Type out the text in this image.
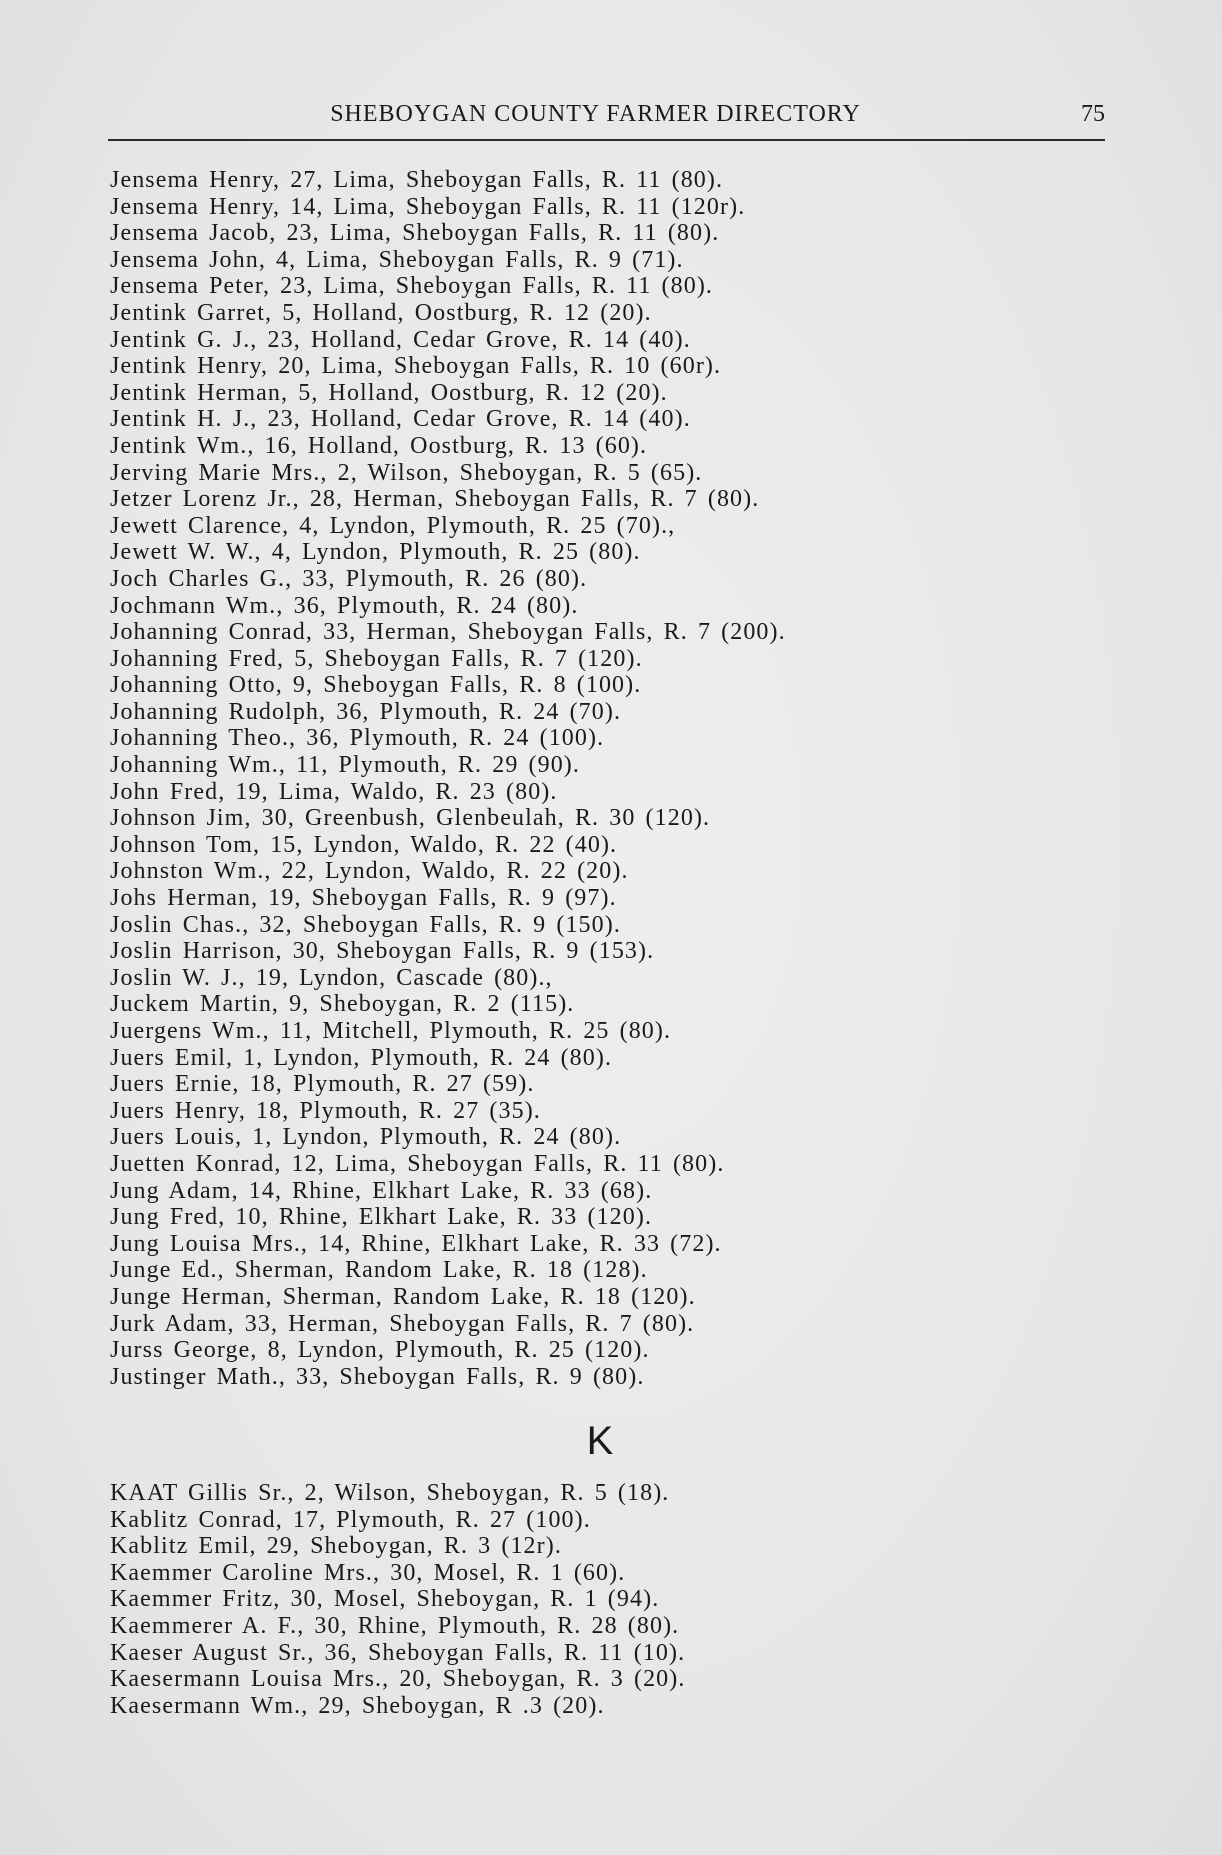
SHEBOYGAN COUNTY FARMER DIRECTORY	75
Jensema Henry, 27, Lima, Sheboygan Falls, R. 11 (80).
Jensema Henry, 14, Lima, Sheboygan Falls, R. 11 (120r).
Jensema Jacob, 23, Lima, Sheboygan Falls, R. 11 (80).
Jensema John, 4, Lima, Sheboygan Falls, R. 9 (71).
Jensema Peter, 23, Lima, Sheboygan Falls, R. 11 (80).
Jentink Garret, 5, Holland, Oostburg, R. 12 (20).
Jentink G. J., 23, Holland, Cedar Grove, R. 14 (40).
Jentink Henry, 20, Lima, Sheboygan Falls, R. 10 (60r).
Jentink Herman, 5, Holland, Oostburg, R. 12 (20).
Jentink H. J., 23, Holland, Cedar Grove, R. 14 (40).
Jentink Wm., 16, Holland, Oostburg, R. 13 (60).
Jerving Marie Mrs., 2, Wilson, Sheboygan, R. 5 (65).
Jetzer Lorenz Jr., 28, Herman, Sheboygan Falls, R. 7 (80).
Jewett Clarence, 4, Lyndon, Plymouth, R. 25 (70).,
Jewett W. W., 4, Lyndon, Plymouth, R. 25 (80).
Joch Charles G., 33, Plymouth, R. 26 (80).
Jochmann Wm., 36, Plymouth, R. 24 (80).
Johanning Conrad, 33, Herman, Sheboygan Falls, R. 7 (200).
Johanning Fred, 5, Sheboygan Falls, R. 7 (120).
Johanning Otto, 9, Sheboygan Falls, R. 8 (100).
Johanning Rudolph, 36, Plymouth, R. 24 (70).
Johanning Theo., 36, Plymouth, R. 24 (100).
Johanning Wm., 11, Plymouth, R. 29 (90).
John Fred, 19, Lima, Waldo, R. 23 (80).
Johnson Jim, 30, Greenbush, Glenbeulah, R. 30 (120).
Johnson Tom, 15, Lyndon, Waldo, R. 22 (40).
Johnston Wm., 22, Lyndon, Waldo, R. 22 (20).
Johs Herman, 19, Sheboygan Falls, R. 9 (97).
Joslin Chas., 32, Sheboygan Falls, R. 9 (150).
Joslin Harrison, 30, Sheboygan Falls, R. 9 (153).
Joslin W. J., 19, Lyndon, Cascade (80).,
Juckem Martin, 9, Sheboygan, R. 2 (115).
Juergens Wm., 11, Mitchell, Plymouth, R. 25 (80).
Juers Emil, 1, Lyndon, Plymouth, R. 24 (80).
Juers Ernie, 18, Plymouth, R. 27 (59).
Juers Henry, 18, Plymouth, R. 27 (35).
Juers Louis, 1, Lyndon, Plymouth, R. 24 (80).
Juetten Konrad, 12, Lima, Sheboygan Falls, R. 11 (80).
Jung Adam, 14, Rhine, Elkhart Lake, R. 33 (68).
Jung Fred, 10, Rhine, Elkhart Lake, R. 33 (120).
Jung Louisa Mrs., 14, Rhine, Elkhart Lake, R. 33 (72).
Junge Ed., Sherman, Random Lake, R. 18 (128).
Junge Herman, Sherman, Random Lake, R. 18 (120).
Jurk Adam, 33, Herman, Sheboygan Falls, R. 7 (80).
Jurss George, 8, Lyndon, Plymouth, R. 25 (120).
Justinger Math., 33, Sheboygan Falls, R. 9 (80).
K
KAAT Gillis Sr., 2, Wilson, Sheboygan, R. 5 (18).
Kablitz Conrad, 17, Plymouth, R. 27 (100).
Kablitz Emil, 29, Sheboygan, R. 3 (12r).
Kaemmer Caroline Mrs., 30, Mosel, R. 1 (60).
Kaemmer Fritz, 30, Mosel, Sheboygan, R. 1 (94).
Kaemmerer A. F., 30, Rhine, Plymouth, R. 28 (80).
Kaeser August Sr., 36, Sheboygan Falls, R. 11 (10).
Kaesermann Louisa Mrs., 20, Sheboygan, R. 3 (20).
Kaesermann Wm., 29, Sheboygan, R .3 (20).
